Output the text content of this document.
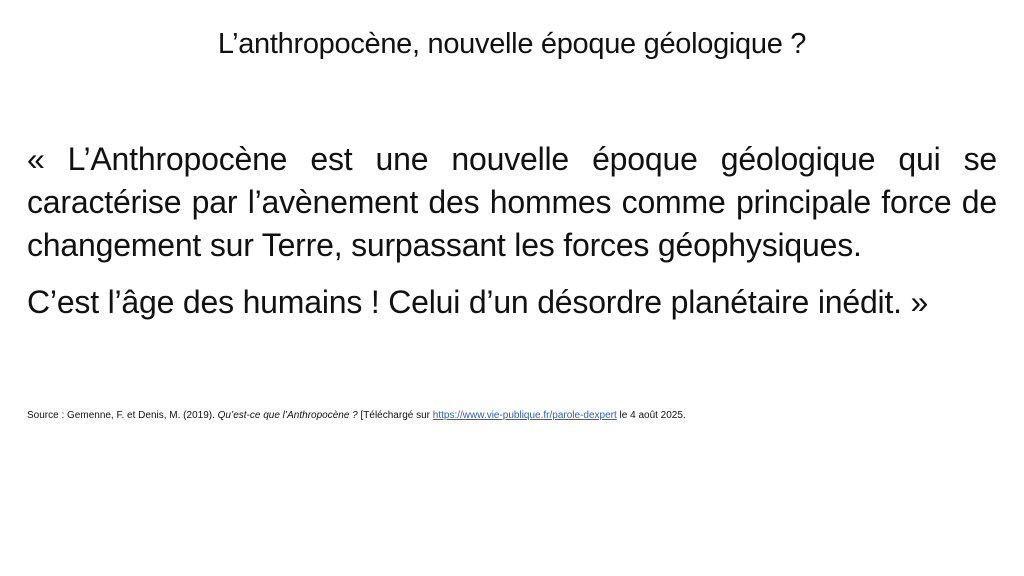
L’anthropocène, nouvelle époque géologique ?

« L’Anthropocène est une nouvelle époque géologique qui se caractérise par l’avènement des hommes comme principale force de changement sur Terre, surpassant les forces géophysiques.

C’est l’âge des humains ! Celui d’un désordre planétaire inédit. »

Source : Gemenne, F. et Denis, M. (2019). Qu’est-ce que l’Anthropocène ? [Téléchargé sur https://www.vie-publique.fr/parole-dexpert le 4 août 2025.
